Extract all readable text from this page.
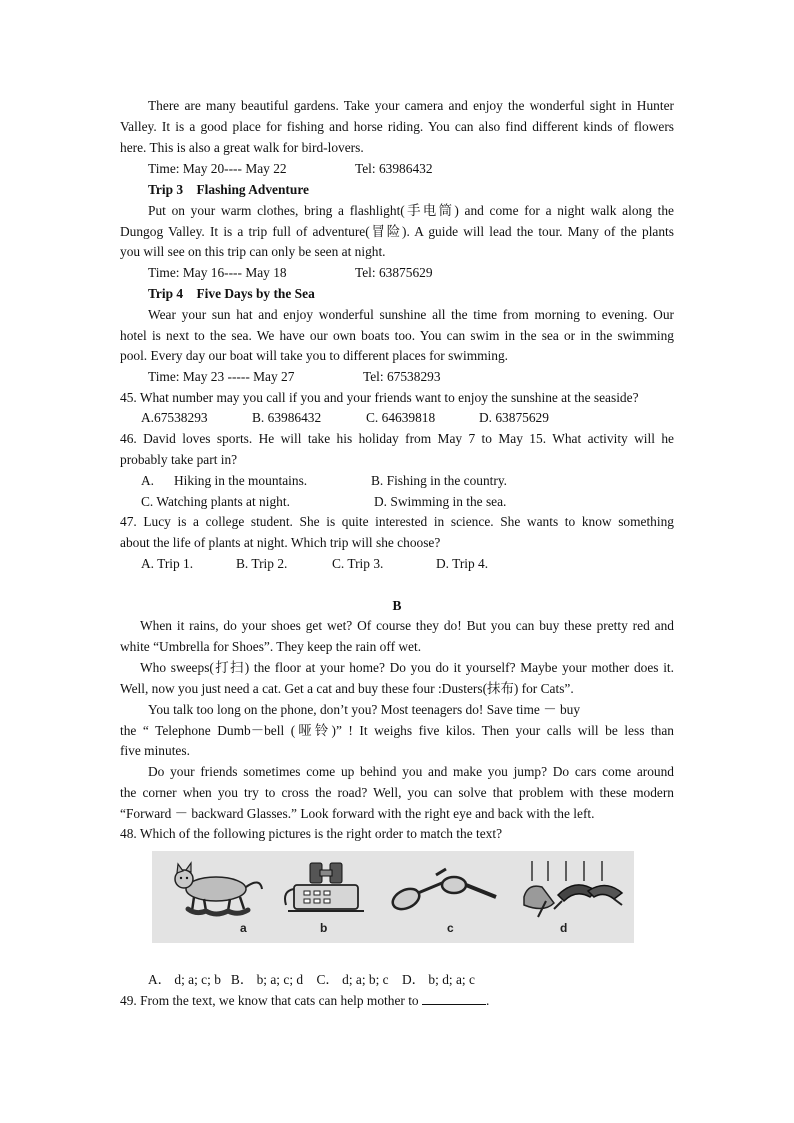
There are many beautiful gardens. Take your camera and enjoy the wonderful sight in Hunter
Valley. It is a good place for fishing and horse riding. You can also find different kinds of flowers
here. This is also a great walk for bird-lovers.
Time: May 20---- May 22	Tel: 63986432
Trip 3    Flashing Adventure
Put on your warm clothes, bring a flashlight(手电筒) and come for a night walk along the
Dungog Valley. It is a trip full of adventure(冒险). A guide will lead the tour. Many of the plants
you will see on this trip can only be seen at night.
Time: May 16---- May 18	Tel: 63875629
Trip 4    Five Days by the Sea
Wear your sun hat and enjoy wonderful sunshine all the time from morning to evening. Our
hotel is next to the sea. We have our own boats too. You can swim in the sea or in the swimming
pool. Every day our boat will take you to different places for swimming.
Time: May 23 ----- May 27	Tel: 67538293
45. What number may you call if you and your friends want to enjoy the sunshine at the seaside?
A.67538293	B. 63986432	C. 64639818	D. 63875629
46. David loves sports. He will take his holiday from May 7 to May 15. What activity will he
probably take part in?
A. Hiking in the mountains.	B. Fishing in the country.
C. Watching plants at night.	D. Swimming in the sea.
47. Lucy is a college student. She is quite interested in science. She wants to know something
about the life of plants at night. Which trip will she choose?
A. Trip 1.	B. Trip 2.	C. Trip 3.	D. Trip 4.
B
When it rains, do your shoes get wet? Of course they do! But you can buy these pretty red and
white “Umbrella for Shoes”. They keep the rain off wet.
Who sweeps(打扫) the floor at your home? Do you do it yourself? Maybe your mother does it.
Well, now you just need a cat. Get a cat and buy these four :Dusters(抹布) for Cats”.
You talk too long on the phone, don’t you? Most teenagers do! Save time － buy
the “ Telephone Dumb－bell (哑铃)” ! It weighs five kilos. Then your calls will be less than
five minutes.
Do your friends sometimes come up behind you and make you jump? Do cars come around
the corner when you try to cross the road? Well, you can solve that problem with these modern
“Forward － backward Glasses.” Look forward with the right eye and back with the left.
48. Which of the following pictures is the right order to match the text?
a	b	c	d
A． d; a; c; b   B． b; a; c; d    C． d; a; b; c    D． b; d; a; c
49. From the text, we know that cats can help mother to	.
